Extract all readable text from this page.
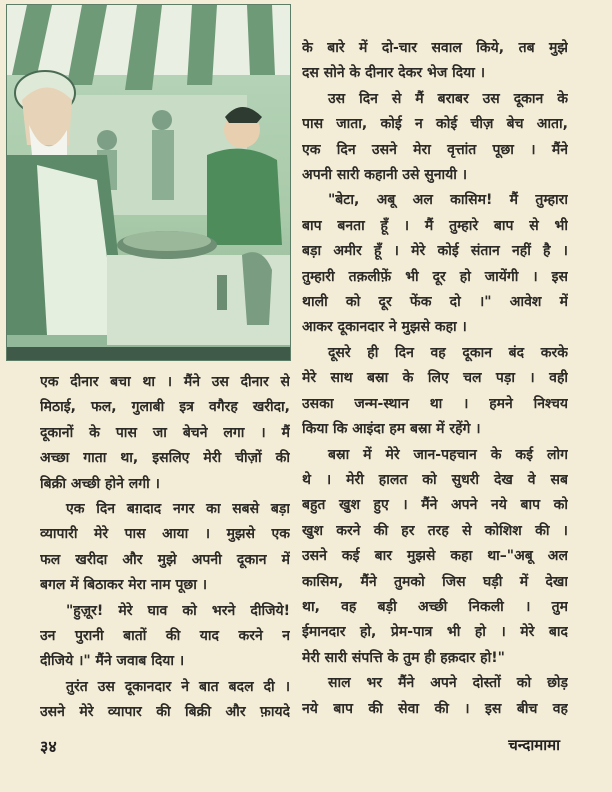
एक दीनार बचा था । मैंने उस दीनार से
मिठाई, फल, गुलाबी इत्र वगैरह खरीदा,
दूकानों के पास जा बेचने लगा । मैं
अच्छा गाता था, इसलिए मेरी चीज़ों की
बिक्री अच्छी होने लगी ।
एक दिन बग़दाद नगर का सबसे बड़ा
व्यापारी मेरे पास आया । मुझसे एक
फल खरीदा और मुझे अपनी दूकान में
बगल में बिठाकर मेरा नाम पूछा ।
"हुज़ूर! मेरे घाव को भरने दीजिये!
उन पुरानी बातों की याद करने न
दीजिये ।" मैंने जवाब दिया ।
तुरंत उस दूकानदार ने बात बदल दी ।
उसने मेरे व्यापार की बिक्री और फ़ायदे
के बारे में दो-चार सवाल किये, तब मुझे
दस सोने के दीनार देकर भेज दिया ।
उस दिन से मैं बराबर उस दूकान के
पास जाता, कोई न कोई चीज़ बेच आता,
एक दिन उसने मेरा वृत्तांत पूछा । मैंने
अपनी सारी कहानी उसे सुनायी ।
"बेटा, अबू अल कासिम! मैं तुम्हारा
बाप बनता हूँ । मैं तुम्हारे बाप से भी
बड़ा अमीर हूँ । मेरे कोई संतान नहीं है ।
तुम्हारी तक़लीफ़ें भी दूर हो जायेंगी । इस
थाली को दूर फेंक दो ।" आवेश में
आकर दूकानदार ने मुझसे कहा ।
दूसरे ही दिन वह दूकान बंद करके
मेरे साथ बस्रा के लिए चल पड़ा । वही
उसका जन्म-स्थान था । हमने निश्चय
किया कि आइंदा हम बस्रा में रहेंगे ।
बस्रा में मेरे जान-पहचान के कई लोग
थे । मेरी हालत को सुधरी देख वे सब
बहुत खुश हुए । मैंने अपने नये बाप को
खुश करने की हर तरह से कोशिश की ।
उसने कई बार मुझसे कहा था–"अबू अल
कासिम, मैंने तुमको जिस घड़ी में देखा
था, वह बड़ी अच्छी निकली । तुम
ईमानदार हो, प्रेम-पात्र भी हो । मेरे बाद
मेरी सारी संपत्ति के तुम ही हक़दार हो!"
साल भर मैंने अपने दोस्तों को छोड़
नये बाप की सेवा की । इस बीच वह
३४	चन्दामामा
